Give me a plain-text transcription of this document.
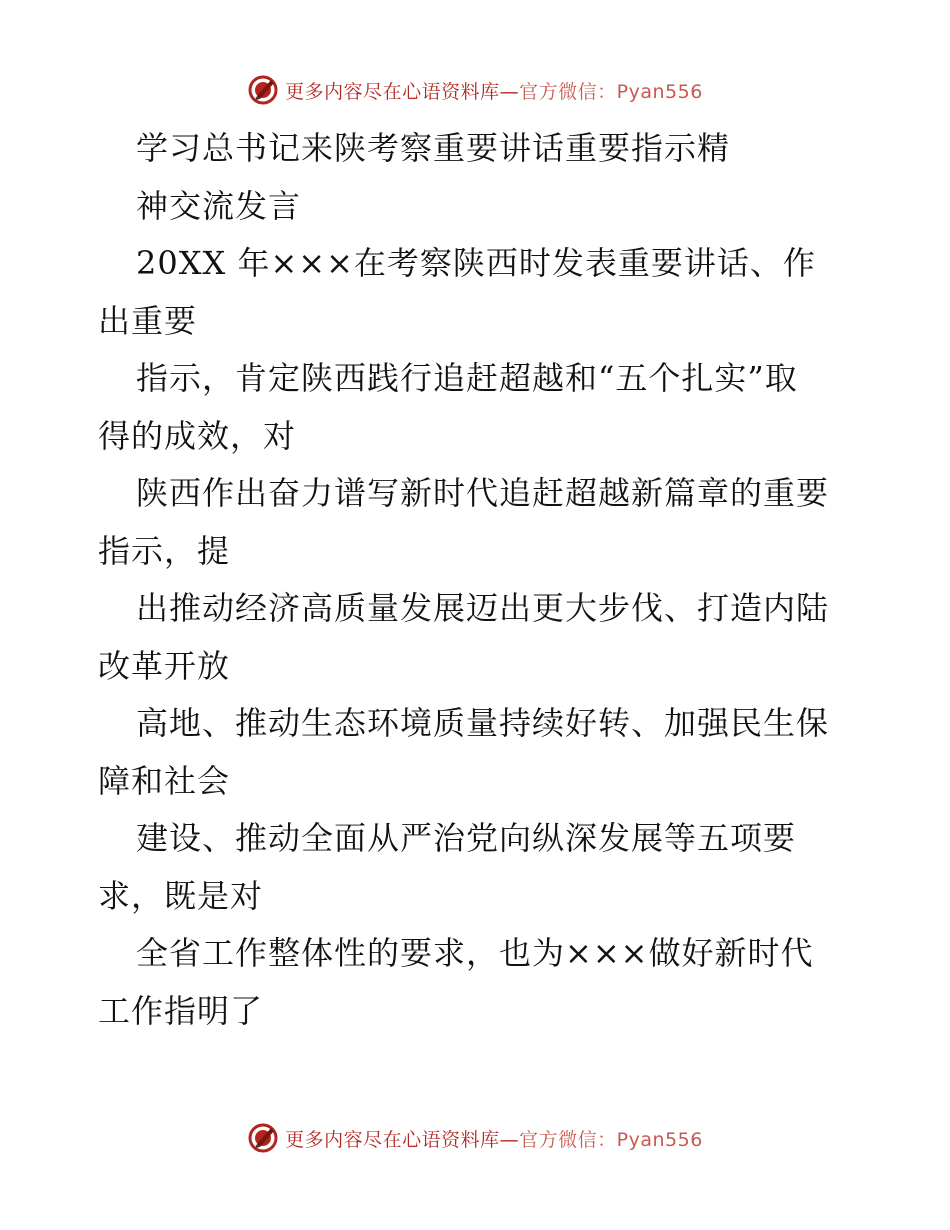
更多内容尽在心语资料库—官方微信：Pyan556
学习总书记来陕考察重要讲话重要指示精
神交流发言
20XX 年×××在考察陕西时发表重要讲话、作
出重要
指示，肯定陕西践行追赶超越和“五个扎实”取
得的成效，对
陕西作出奋力谱写新时代追赶超越新篇章的重要
指示，提
出推动经济高质量发展迈出更大步伐、打造内陆
改革开放
高地、推动生态环境质量持续好转、加强民生保
障和社会
建设、推动全面从严治党向纵深发展等五项要
求，既是对
全省工作整体性的要求，也为×××做好新时代
工作指明了
更多内容尽在心语资料库—官方微信：Pyan556
